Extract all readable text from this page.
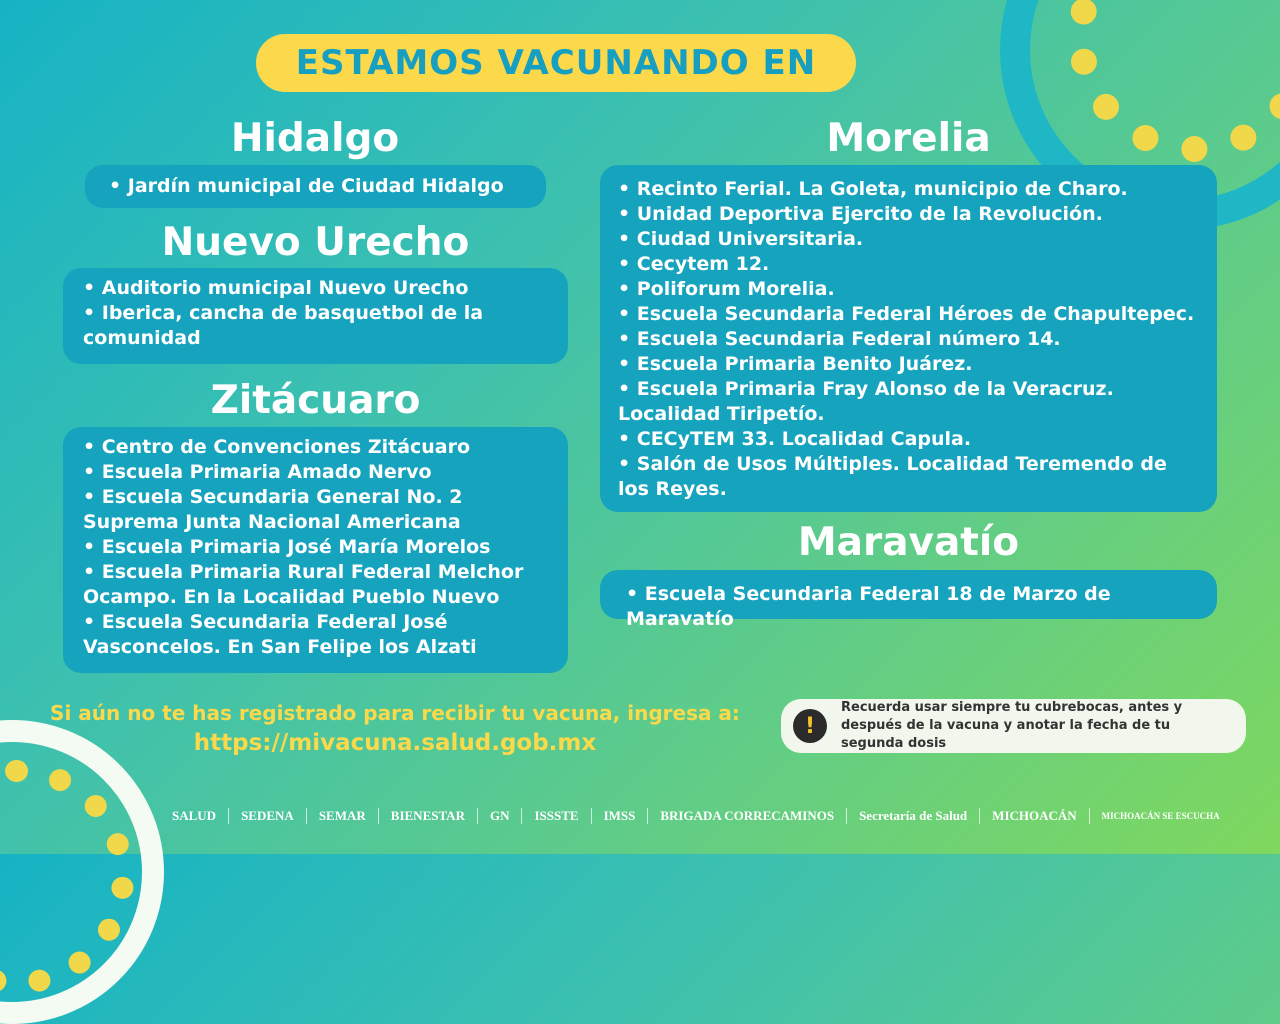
ESTAMOS VACUNANDO EN
Hidalgo
• Jardín municipal de Ciudad Hidalgo
Nuevo Urecho
• Auditorio municipal Nuevo Urecho
• Iberica, cancha de basquetbol de la comunidad
Zitácuaro
• Centro de Convenciones Zitácuaro
• Escuela Primaria Amado Nervo
• Escuela Secundaria General No. 2 Suprema Junta Nacional Americana
• Escuela Primaria José María Morelos
• Escuela Primaria Rural Federal Melchor Ocampo. En la Localidad Pueblo Nuevo
• Escuela Secundaria Federal José Vasconcelos. En San Felipe los Alzati
Morelia
• Recinto Ferial. La Goleta, municipio de Charo.
• Unidad Deportiva Ejercito de la Revolución.
• Ciudad Universitaria.
• Cecytem 12.
• Poliforum Morelia.
• Escuela Secundaria Federal Héroes de Chapultepec.
• Escuela Secundaria Federal número 14.
• Escuela Primaria Benito Juárez.
• Escuela Primaria Fray Alonso de la Veracruz. Localidad Tiripetío.
• CECyTEM 33. Localidad Capula.
• Salón de Usos Múltiples. Localidad Teremendo de los Reyes.
Maravatío
• Escuela Secundaria Federal 18 de Marzo de Maravatío
Si aún no te has registrado para recibir tu vacuna, ingresa a:
https://mivacuna.salud.gob.mx
!
Recuerda usar siempre tu cubrebocas, antes y después de la vacuna y anotar la fecha de tu segunda dosis
SALUD	SEDENA	SEMAR	BIENESTAR	GN	ISSSTE	IMSS	BRIGADA CORRECAMINOS	Secretaría de Salud	MICHOACÁN	MICHOACÁN SE ESCUCHA
